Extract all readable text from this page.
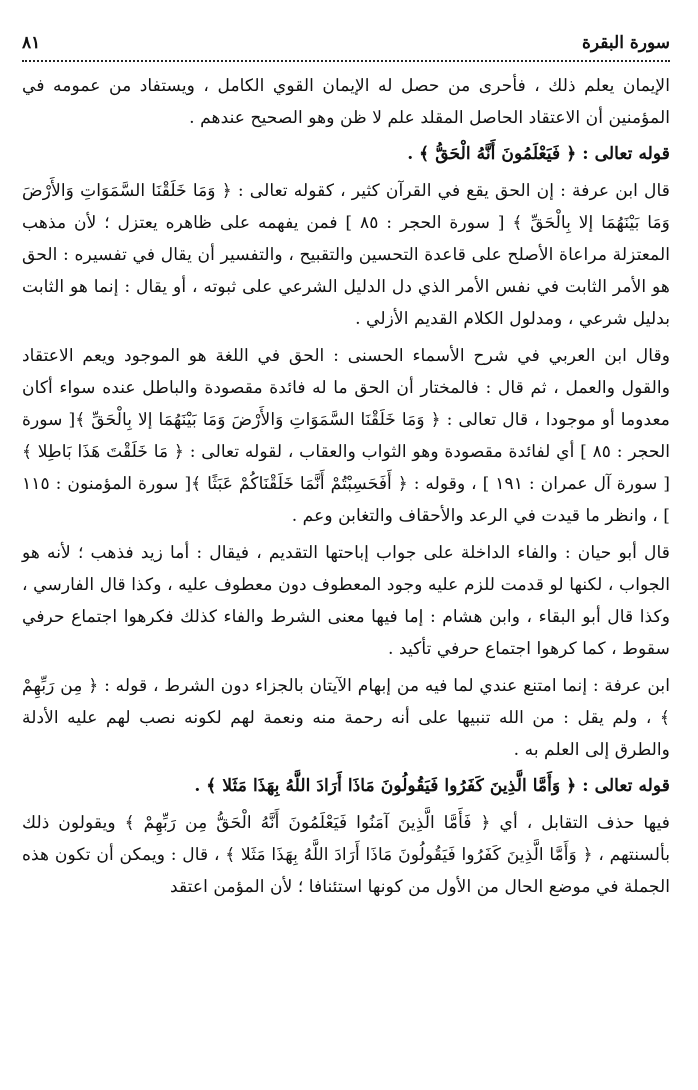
٨١	سورة البقرة

الإيمان يعلم ذلك ، فأحرى من حصل له الإيمان القوي الكامل ، ويستفاد من عمومه في المؤمنين أن الاعتقاد الحاصل المقلد علم لا ظن وهو الصحيح عندهم .

قوله تعالى : ﴿ فَيَعْلَمُونَ أَنَّهُ الْحَقُّ ﴾ .

قال ابن عرفة : إن الحق يقع في القرآن كثير ، كقوله تعالى : ﴿ وَمَا خَلَقْنَا السَّمَوَاتِ وَالأَرْضَ وَمَا بَيْنَهُمَا إلا بِالْحَقِّ ﴾ [ سورة الحجر : ٨٥ ] فمن يفهمه على ظاهره يعتزل ؛ لأن مذهب المعتزلة مراعاة الأصلح على قاعدة التحسين والتقبيح ، والتفسير أن يقال في تفسيره : الحق هو الأمر الثابت في نفس الأمر الذي دل الدليل الشرعي على ثبوته ، أو يقال : إنما هو الثابت بدليل شرعي ، ومدلول الكلام القديم الأزلي .

وقال ابن العربي في شرح الأسماء الحسنى : الحق في اللغة هو الموجود ويعم الاعتقاد والقول والعمل ، ثم قال : فالمختار أن الحق ما له فائدة مقصودة والباطل عنده سواء أكان معدوما أو موجودا ، قال تعالى : ﴿ وَمَا خَلَقْنَا السَّمَوَاتِ وَالأَرْضَ وَمَا بَيْنَهُمَا إلا بِالْحَقِّ ﴾[ سورة الحجر : ٨٥ ] أي لفائدة مقصودة وهو الثواب والعقاب ، لقوله تعالى : ﴿ مَا خَلَقْتَ هَذَا بَاطِلا ﴾[ سورة آل عمران : ١٩١ ] ، وقوله : ﴿ أَفَحَسِبْتُمْ أَنَّمَا خَلَقْنَاكُمْ عَبَثًا ﴾[ سورة المؤمنون : ١١٥ ] ، وانظر ما قيدت في الرعد والأحقاف والتغابن وعم .

قال أبو حيان : والفاء الداخلة على جواب إباحتها التقديم ، فيقال : أما زيد فذهب ؛ لأنه هو الجواب ، لكنها لو قدمت للزم عليه وجود المعطوف دون معطوف عليه ، وكذا قال الفارسي ، وكذا قال أبو البقاء ، وابن هشام : إما فيها معنى الشرط والفاء كذلك فكرهوا اجتماع حرفي سقوط ، كما كرهوا اجتماع حرفي تأكيد .

ابن عرفة : إنما امتنع عندي لما فيه من إبهام الآيتان بالجزاء دون الشرط ، قوله : ﴿ مِن رَبِّهِمْ ﴾ ، ولم يقل : من الله تنبيها على أنه رحمة منه ونعمة لهم لكونه نصب لهم عليه الأدلة والطرق إلى العلم به .

قوله تعالى : ﴿ وَأَمَّا الَّذِينَ كَفَرُوا فَيَقُولُونَ مَاذَا أَرَادَ اللَّهُ بِهَذَا مَثَلا ﴾ .

فيها حذف التقابل ، أي ﴿ فَأَمَّا الَّذِينَ آمَنُوا فَيَعْلَمُونَ أَنَّهُ الْحَقُّ مِن رَبِّهِمْ ﴾ ويقولون ذلك بألسنتهم ، ﴿ وَأَمَّا الَّذِينَ كَفَرُوا فَيَقُولُونَ مَاذَا أَرَادَ اللَّهُ بِهَذَا مَثَلا ﴾ ، قال : ويمكن أن تكون هذه الجملة في موضع الحال من الأول من كونها استئنافا ؛ لأن المؤمن اعتقد
